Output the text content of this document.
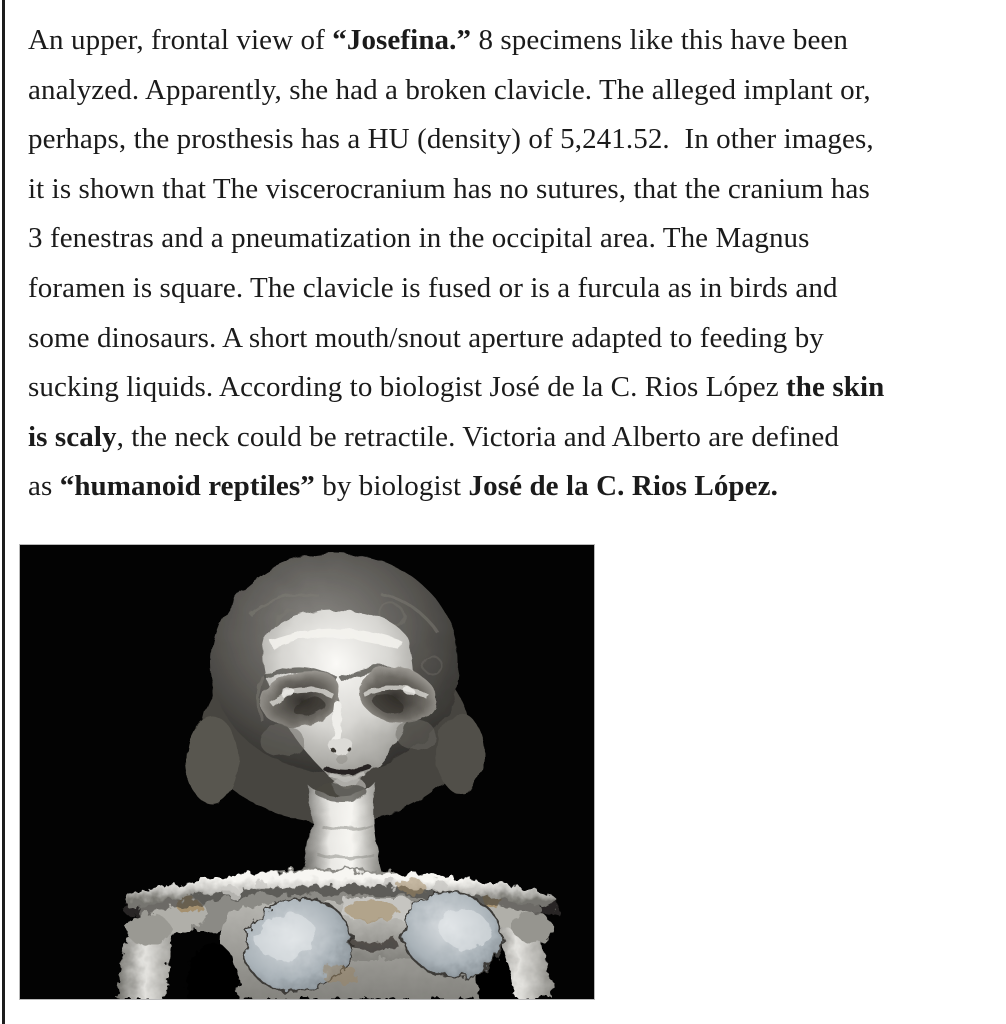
An upper, frontal view of “Josefina.” 8 specimens like this have been
analyzed. Apparently, she had a broken clavicle. The alleged implant or,
perhaps, the prosthesis has a HU (density) of 5,241.52.  In other images,
it is shown that The viscerocranium has no sutures, that the cranium has
3 fenestras and a pneumatization in the occipital area. The Magnus
foramen is square. The clavicle is fused or is a furcula as in birds and
some dinosaurs. A short mouth/snout aperture adapted to feeding by
sucking liquids. According to biologist José de la C. Rios López the skin
is scaly, the neck could be retractile. Victoria and Alberto are defined
as “humanoid reptiles” by biologist José de la C. Rios López.
